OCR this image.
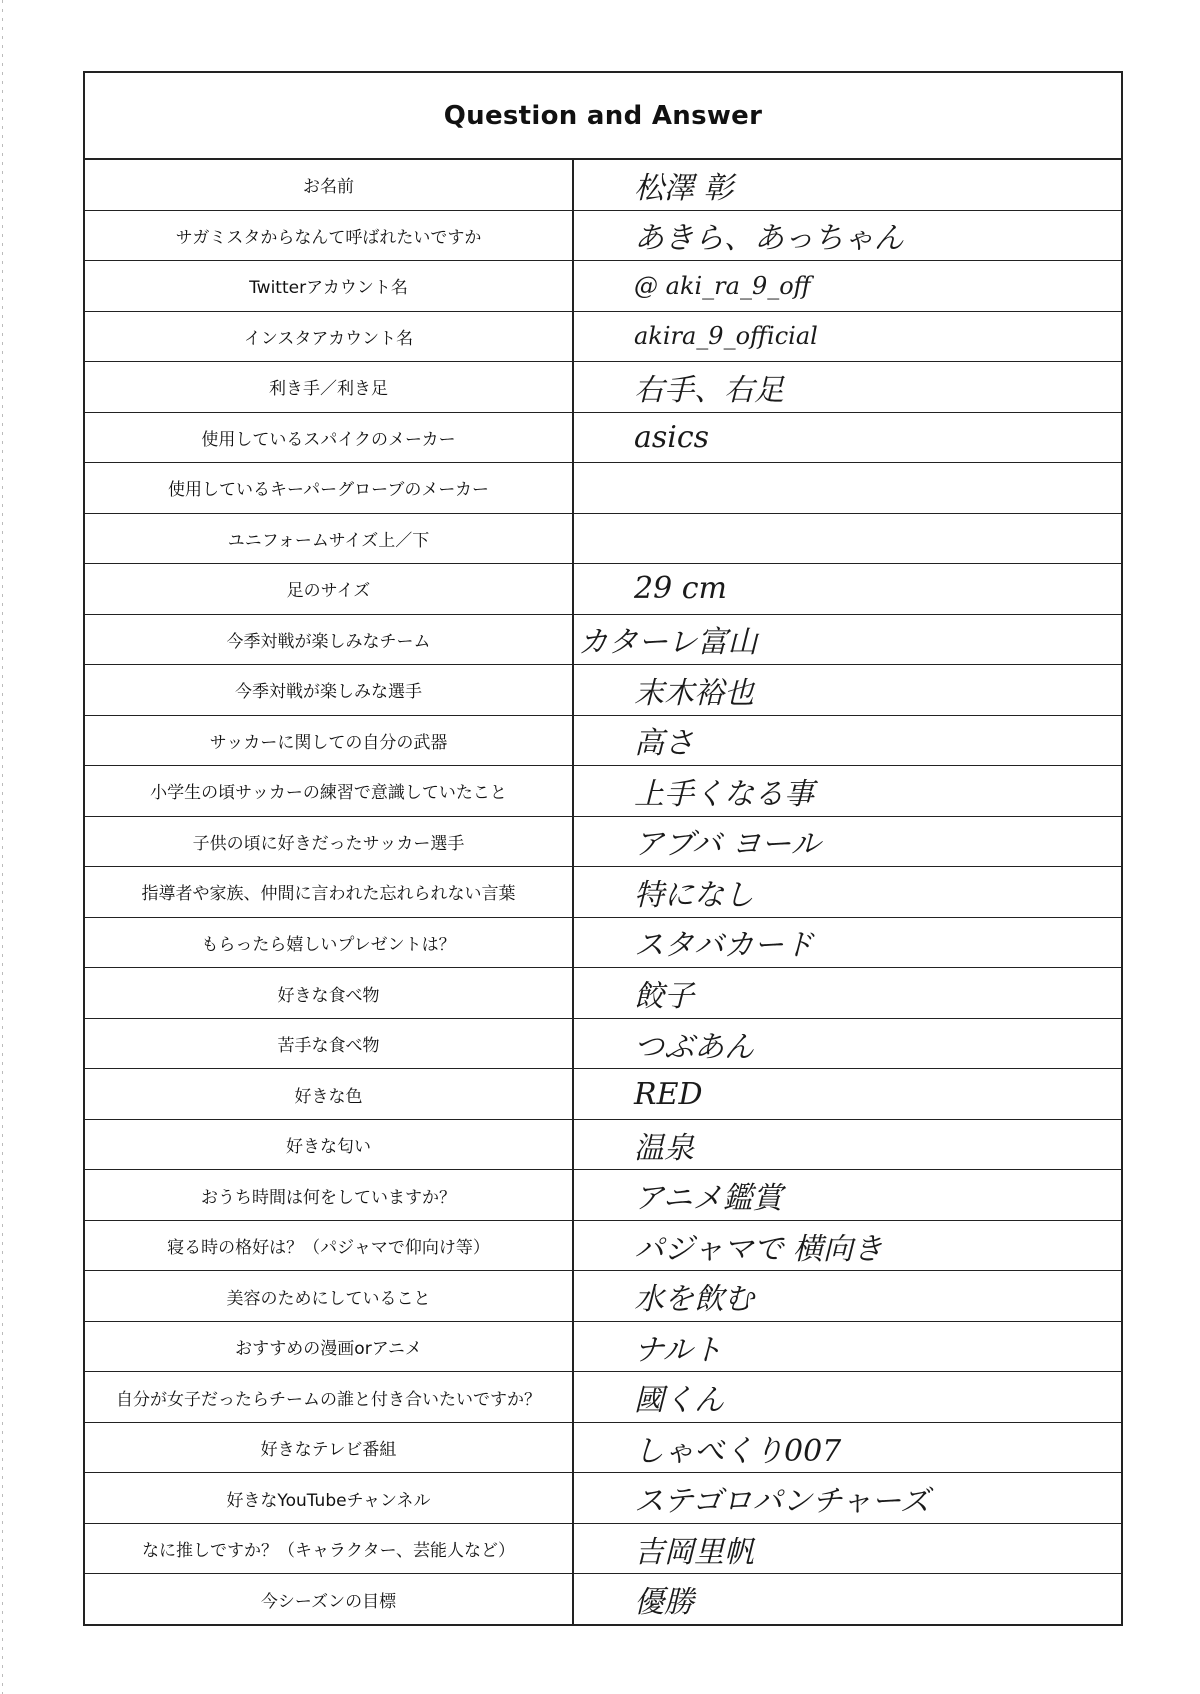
Question and Answer
お名前	松澤 彰
サガミスタからなんて呼ばれたいですか	あきら、あっちゃん
Twitterアカウント名	@ aki_ra_9_off
インスタアカウント名	akira_9_official
利き手／利き足	右手、右足
使用しているスパイクのメーカー	asics
使用しているキーパーグローブのメーカー
ユニフォームサイズ上／下
足のサイズ	29 cm
今季対戦が楽しみなチーム	カターレ富山
今季対戦が楽しみな選手	末木裕也
サッカーに関しての自分の武器	高さ
小学生の頃サッカーの練習で意識していたこと	上手くなる事
子供の頃に好きだったサッカー選手	アブバ ヨール
指導者や家族、仲間に言われた忘れられない言葉	特になし
もらったら嬉しいプレゼントは？	スタバカード
好きな食べ物	餃子
苦手な食べ物	つぶあん
好きな色	RED
好きな匂い	温泉
おうち時間は何をしていますか？	アニメ鑑賞
寝る時の格好は？（パジャマで仰向け等）	パジャマで 横向き
美容のためにしていること	水を飲む
おすすめの漫画orアニメ	ナルト
自分が女子だったらチームの誰と付き合いたいですか？	國くん
好きなテレビ番組	しゃべくり007
好きなYouTubeチャンネル	ステゴロパンチャーズ
なに推しですか？（キャラクター、芸能人など）	吉岡里帆
今シーズンの目標	優勝
